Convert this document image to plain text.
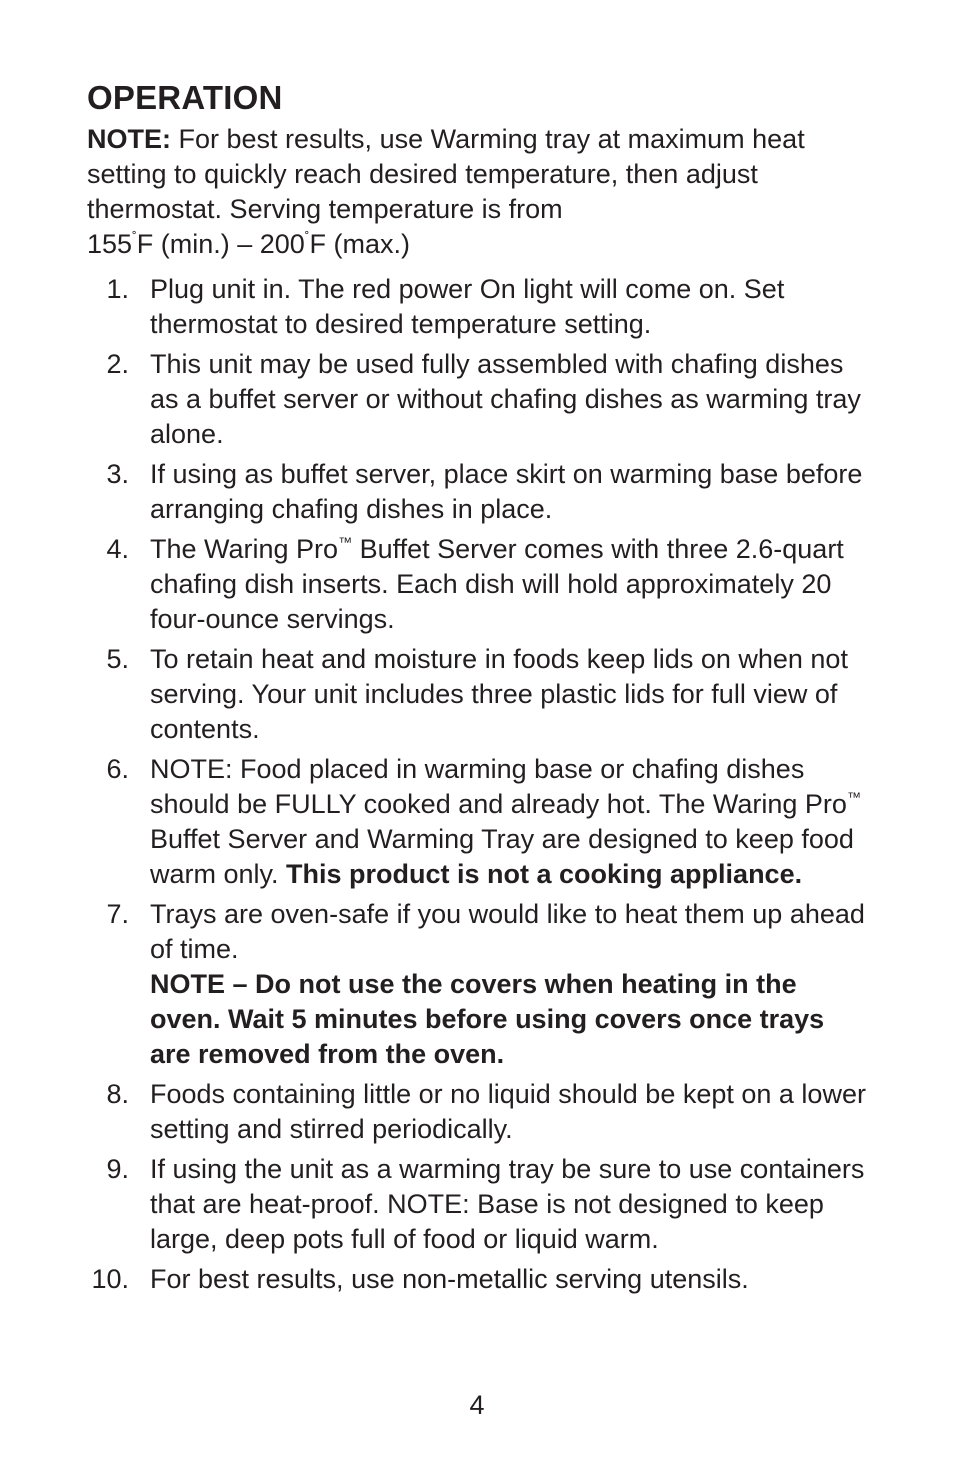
OPERATION

NOTE: For best results, use Warming tray at maximum heat setting to quickly reach desired temperature, then adjust thermostat. Serving temperature is from
155˚F (min.) – 200˚F (max.)

1. Plug unit in. The red power On light will come on. Set thermostat to desired temperature setting.
2. This unit may be used fully assembled with chafing dishes as a buffet server or without chafing dishes as warming tray alone.
3. If using as buffet server, place skirt on warming base before arranging chafing dishes in place.
4. The Waring Pro™ Buffet Server comes with three 2.6-quart chafing dish inserts. Each dish will hold approximately 20 four-ounce servings.
5. To retain heat and moisture in foods keep lids on when not serving. Your unit includes three plastic lids for full view of contents.
6. NOTE: Food placed in warming base or chafing dishes should be FULLY cooked and already hot. The Waring Pro™ Buffet Server and Warming Tray are designed to keep food warm only. This product is not a cooking appliance.
7. Trays are oven-safe if you would like to heat them up ahead of time.
NOTE – Do not use the covers when heating in the oven. Wait 5 minutes before using covers once trays are removed from the oven.
8. Foods containing little or no liquid should be kept on a lower setting and stirred periodically.
9. If using the unit as a warming tray be sure to use containers that are heat-proof. NOTE: Base is not designed to keep large, deep pots full of food or liquid warm.
10. For best results, use non-metallic serving utensils.
4
